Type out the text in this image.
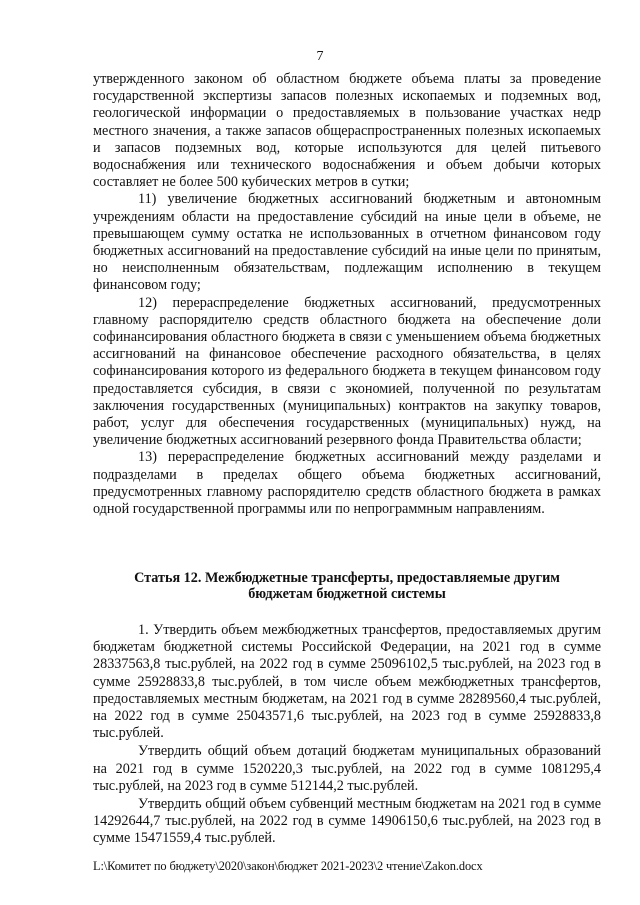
7

утвержденного законом об областном бюджете объема платы за проведение государственной экспертизы запасов полезных ископаемых и подземных вод, геологической информации о предоставляемых в пользование участках недр местного значения, а также запасов общераспространенных полезных ископаемых и запасов подземных вод, которые используются для целей питьевого водоснабжения или технического водоснабжения и объем добычи которых составляет не более 500 кубических метров в сутки;

11) увеличение бюджетных ассигнований бюджетным и автономным учреждениям области на предоставление субсидий на иные цели в объеме, не превышающем сумму остатка не использованных в отчетном финансовом году бюджетных ассигнований на предоставление субсидий на иные цели по принятым, но неисполненным обязательствам, подлежащим исполнению в текущем финансовом году;

12) перераспределение бюджетных ассигнований, предусмотренных главному распорядителю средств областного бюджета на обеспечение доли софинансирования областного бюджета в связи с уменьшением объема бюджетных ассигнований на финансовое обеспечение расходного обязательства, в целях софинансирования которого из федерального бюджета в текущем финансовом году предоставляется субсидия, в связи с экономией, полученной по результатам заключения государственных (муниципальных) контрактов на закупку товаров, работ, услуг для обеспечения государственных (муниципальных) нужд, на увеличение бюджетных ассигнований резервного фонда Правительства области;

13) перераспределение бюджетных ассигнований между разделами и подразделами в пределах общего объема бюджетных ассигнований, предусмотренных главному распорядителю средств областного бюджета в рамках одной государственной программы или по непрограммным направлениям.

Статья 12. Межбюджетные трансферты, предоставляемые другим
бюджетам бюджетной системы

1. Утвердить объем межбюджетных трансфертов, предоставляемых другим бюджетам бюджетной системы Российской Федерации, на 2021 год в сумме 28337563,8 тыс.рублей, на 2022 год в сумме 25096102,5 тыс.рублей, на 2023 год в сумме 25928833,8 тыс.рублей, в том числе объем межбюджетных трансфертов, предоставляемых местным бюджетам, на 2021 год в сумме 28289560,4 тыс.рублей, на 2022 год в сумме 25043571,6 тыс.рублей, на 2023 год в сумме 25928833,8 тыс.рублей.

Утвердить общий объем дотаций бюджетам муниципальных образований на 2021 год в сумме 1520220,3 тыс.рублей, на 2022 год в сумме 1081295,4 тыс.рублей, на 2023 год в сумме 512144,2 тыс.рублей.

Утвердить общий объем субвенций местным бюджетам на 2021 год в сумме 14292644,7 тыс.рублей, на 2022 год в сумме 14906150,6 тыс.рублей, на 2023 год в сумме 15471559,4 тыс.рублей.

L:\Комитет по бюджету\2020\закон\бюджет 2021-2023\2 чтение\Zakon.docx
